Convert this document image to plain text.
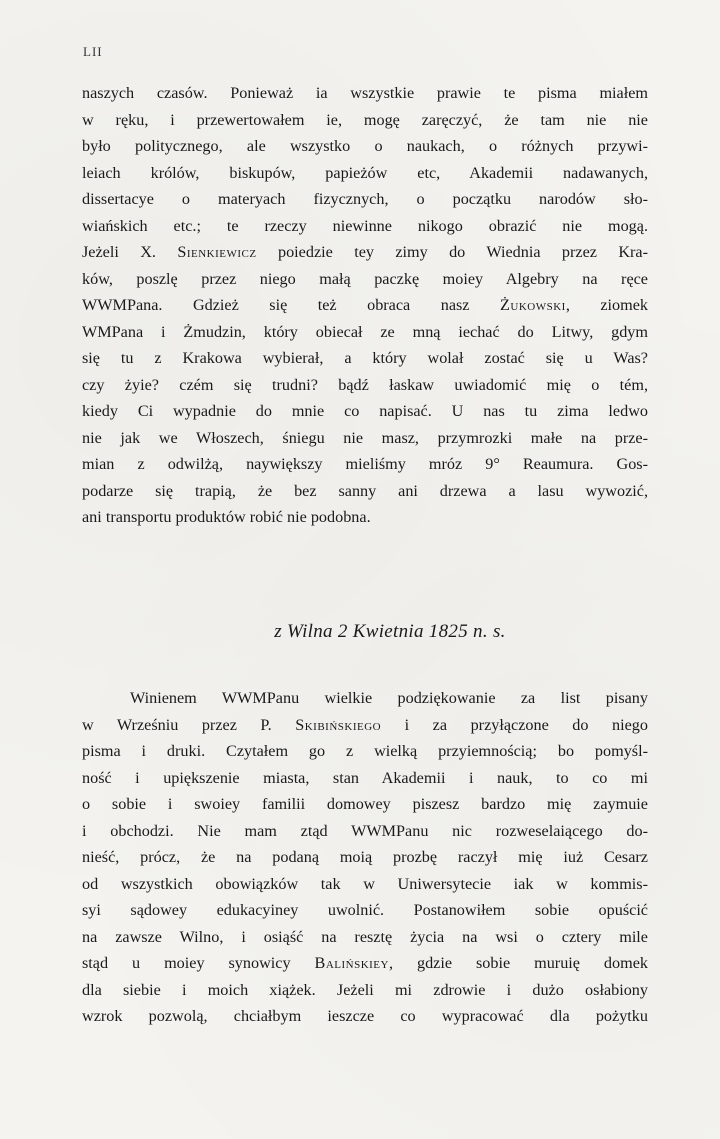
LII
naszych czasów. Ponieważ ia wszystkie prawie te pisma miałem
w ręku, i przewertowałem ie, mogę zaręczyć, że tam nie nie
było politycznego, ale wszystko o naukach, o różnych przywi-
leiach królów, biskupów, papieżów etc, Akademii nadawanych,
dissertacye o materyach fizycznych, o początku narodów sło-
wiańskich etc.; te rzeczy niewinne nikogo obrazić nie mogą.
Jeżeli X. Sienkiewicz poiedzie tey zimy do Wiednia przez Kra-
ków, poszlę przez niego małą paczkę moiey Algebry na ręce
WWMPana. Gdzież się też obraca nasz Żukowski, ziomek
WMPana i Żmudzin, który obiecał ze mną iechać do Litwy, gdym
się tu z Krakowa wybierał, a który wolał zostać się u Was?
czy żyie? czém się trudni? bądź łaskaw uwiadomić mię o tém,
kiedy Ci wypadnie do mnie co napisać. U nas tu zima ledwo
nie jak we Włoszech, śniegu nie masz, przymrozki małe na prze-
mian z odwilżą, naywiększy mieliśmy mróz 9° Reaumura. Gos-
podarze się trapią, że bez sanny ani drzewa a lasu wywozić,
ani transportu produktów robić nie podobna.
z Wilna 2 Kwietnia 1825 n. s.
Winienem WWMPanu wielkie podziękowanie za list pisany
w Wrześniu przez P. Skibińskiego i za przyłączone do niego
pisma i druki. Czytałem go z wielką przyiemnością; bo pomyśl-
ność i upiększenie miasta, stan Akademii i nauk, to co mi
o sobie i swoiey familii domowey piszesz bardzo mię zaymuie
i obchodzi. Nie mam ztąd WWMPanu nic rozweselaiącego do-
nieść, prócz, że na podaną moią prozbę raczył mię iuż Cesarz
od wszystkich obowiązków tak w Uniwersytecie iak w kommis-
syi sądowey edukacyiney uwolnić. Postanowiłem sobie opuścić
na zawsze Wilno, i osiąść na resztę życia na wsi o cztery mile
stąd u moiey synowicy Balińskiey, gdzie sobie muruię domek
dla siebie i moich xiążek. Jeżeli mi zdrowie i dużo osłabiony
wzrok pozwolą, chciałbym ieszcze co wypracować dla pożytku
